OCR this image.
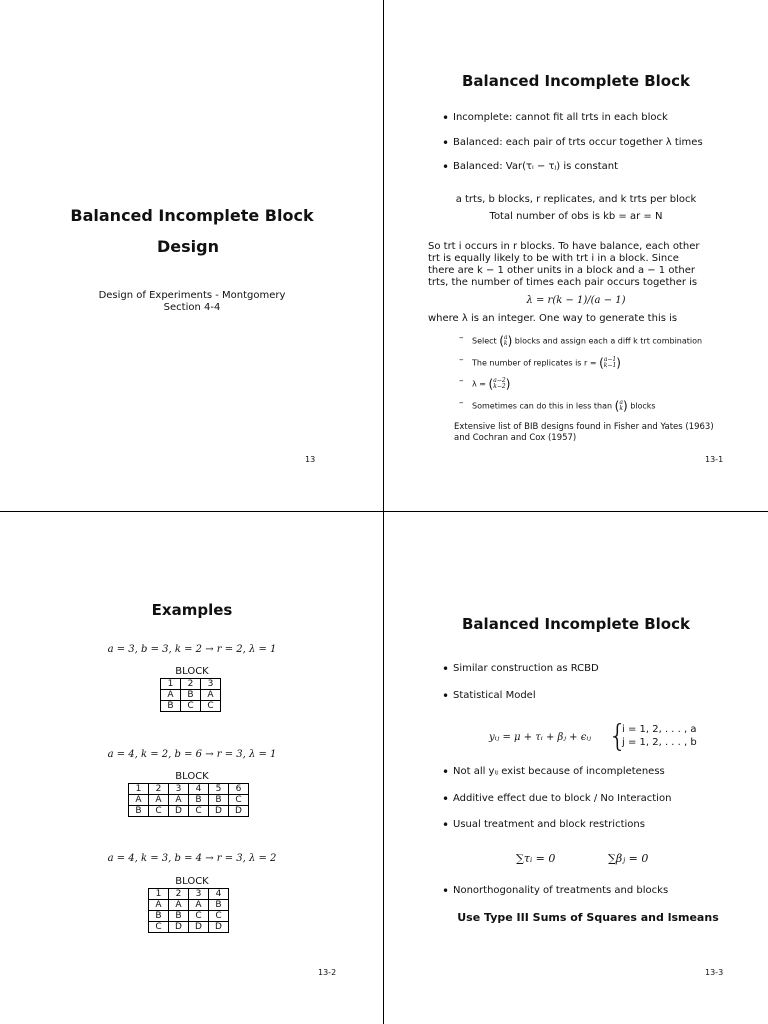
Balanced Incomplete Block
Design
Design of Experiments - Montgomery
Section 4-4
13
Balanced Incomplete Block
• Incomplete: cannot fit all trts in each block
• Balanced: each pair of trts occur together λ times
• Balanced: Var(τᵢ − τⱼ) is constant
a trts, b blocks, r replicates, and k trts per block
Total number of obs is kb = ar = N
So trt i occurs in r blocks. To have balance, each other
trt is equally likely to be with trt i in a block. Since
there are k − 1 other units in a block and a − 1 other
trts, the number of times each pair occurs together is
λ = r(k − 1)/(a − 1)
where λ is an integer. One way to generate this is
– Select (a
k) blocks and assign each a diff k trt combination
– The number of replicates is r = (a−1
k−1)
– λ = (a−2
k−2)
– Sometimes can do this in less than (a
k) blocks
Extensive list of BIB designs found in Fisher and Yates (1963)
and Cochran and Cox (1957)
13-1
Examples
a = 3, b = 3, k = 2 → r = 2, λ = 1
BLOCK
1	2	3
A	B	A
B	C	C
a = 4, k = 2, b = 6 → r = 3, λ = 1
BLOCK
1	2	3	4	5	6
A	A	A	B	B	C
B	C	D	C	D	D
a = 4, k = 3, b = 4 → r = 3, λ = 2
BLOCK
1	2	3	4
A	A	A	B
B	B	C	C
C	D	D	D
13-2
Balanced Incomplete Block
• Similar construction as RCBD
• Statistical Model
yᵢⱼ = μ + τᵢ + βⱼ + ϵᵢⱼ {
i = 1, 2, . . . , a
j = 1, 2, . . . , b
• Not all yᵢⱼ exist because of incompleteness
• Additive effect due to block / No Interaction
• Usual treatment and block restrictions
∑τᵢ = 0	∑βⱼ = 0
• Nonorthogonality of treatments and blocks
Use Type III Sums of Squares and lsmeans
13-3
